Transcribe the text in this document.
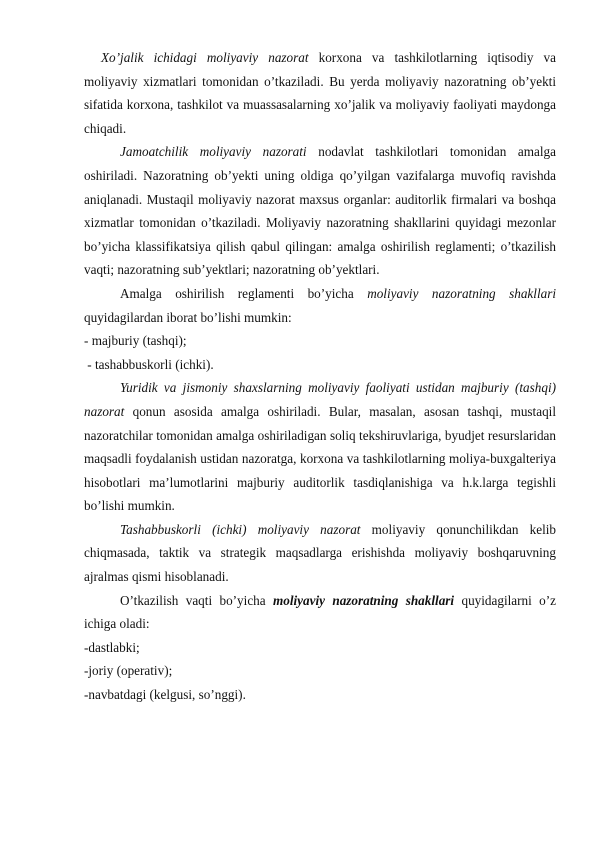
Xo’jalik ichidagi moliyaviy nazorat korxona va tashkilotlarning iqtisodiy va moliyaviy xizmatlari tomonidan o’tkaziladi. Bu yerda moliyaviy nazoratning ob’yekti sifatida korxona, tashkilot va muassasalarning xo’jalik va moliyaviy faoliyati maydonga chiqadi.

Jamoatchilik moliyaviy nazorati nodavlat tashkilotlari tomonidan amalga oshiriladi. Nazoratning ob’yekti uning oldiga qo’yilgan vazifalarga muvofiq ravishda aniqlanadi. Mustaqil moliyaviy nazorat maxsus organlar: auditorlik firmalari va boshqa xizmatlar tomonidan o’tkaziladi. Moliyaviy nazoratning shakllarini quyidagi mezonlar bo’yicha klassifikatsiya qilish qabul qilingan: amalga oshirilish reglamenti; o’tkazilish vaqti; nazoratning sub’yektlari; nazoratning ob’yektlari.

Amalga oshirilish reglamenti bo’yicha moliyaviy nazoratning shakllari quyidagilardan iborat bo’lishi mumkin:

- majburiy (tashqi);

- tashabbuskorli (ichki).

Yuridik va jismoniy shaxslarning moliyaviy faoliyati ustidan majburiy (tashqi) nazorat qonun asosida amalga oshiriladi. Bular, masalan, asosan tashqi, mustaqil nazoratchilar tomonidan amalga oshiriladigan soliq tekshiruvlariga, byudjet resurslaridan maqsadli foydalanish ustidan nazoratga, korxona va tashkilotlarning moliya-buxgalteriya hisobotlari ma’lumotlarini majburiy auditorlik tasdiqlanishiga va h.k.larga tegishli bo’lishi mumkin.

Tashabbuskorli (ichki) moliyaviy nazorat moliyaviy qonunchilikdan kelib chiqmasada, taktik va strategik maqsadlarga erishishda moliyaviy boshqaruvning ajralmas qismi hisoblanadi.

O’tkazilish vaqti bo’yicha moliyaviy nazoratning shakllari quyidagilarni o’z ichiga oladi:

-dastlabki;

-joriy (operativ);

-navbatdagi (kelgusi, so’nggi).
